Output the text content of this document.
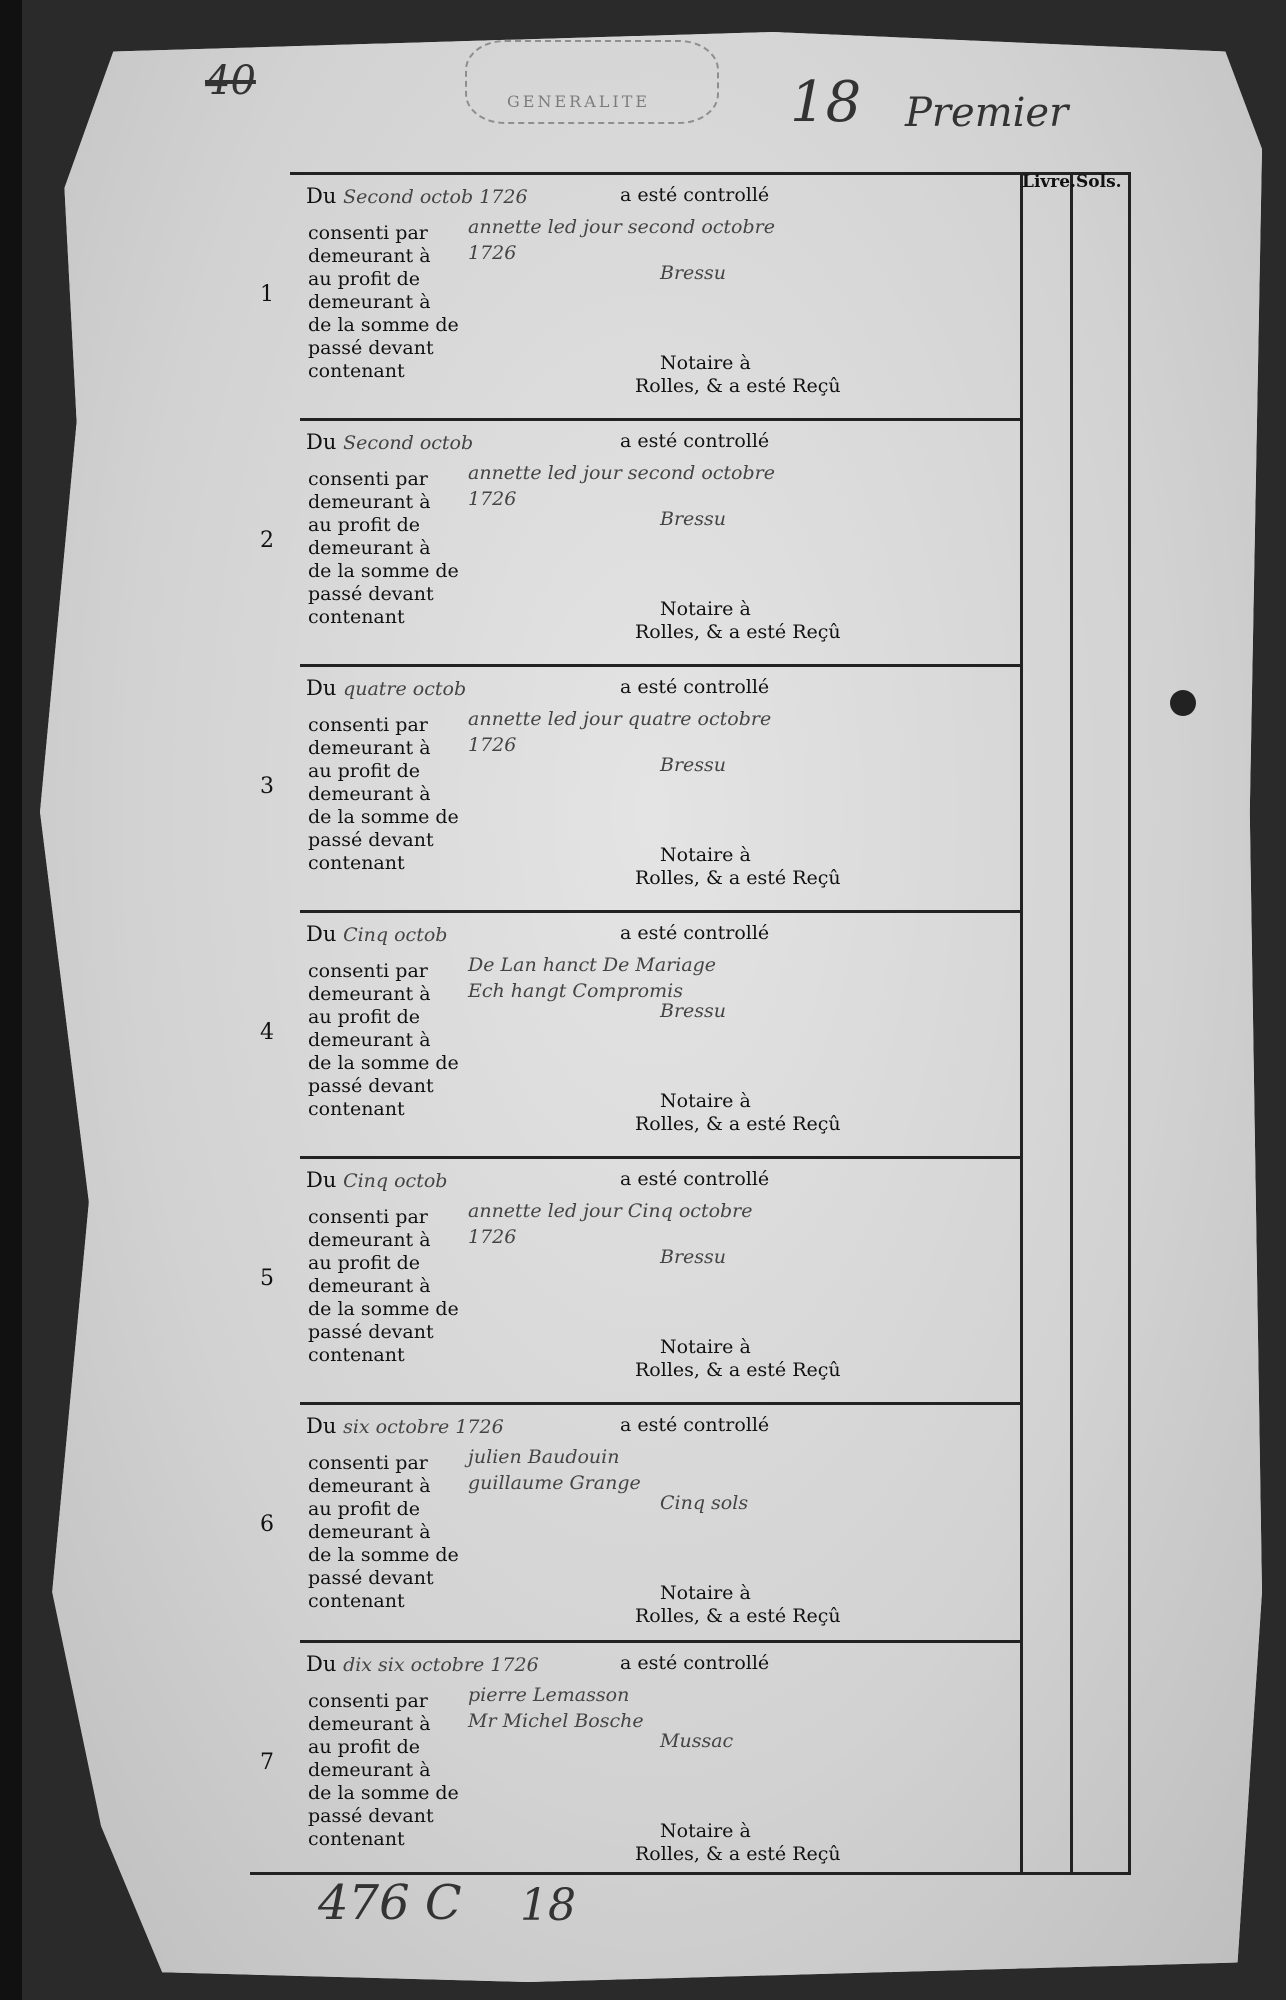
GENERALITE
40	18 Premier
Livre. Sols.
1
Du Second octob 1726	a esté controllé
consenti par
demeurant à
au profit de
demeurant à
de la somme de
passé devant
contenant
annette led jour second octobre
1726
Bressu
Notaire à
Rolles, & a esté Reçû
2
Du Second octob	a esté controllé
consenti par
demeurant à
au profit de
demeurant à
de la somme de
passé devant
contenant
annette led jour second octobre
1726
Bressu
Notaire à
Rolles, & a esté Reçû
3
Du quatre octob	a esté controllé
consenti par
demeurant à
au profit de
demeurant à
de la somme de
passé devant
contenant
annette led jour quatre octobre
1726
Bressu
Notaire à
Rolles, & a esté Reçû
4
Du Cinq octob	a esté controllé
consenti par
demeurant à
au profit de
demeurant à
de la somme de
passé devant
contenant
De Lan hanct De Mariage
Ech hangt Compromis
Bressu
Notaire à
Rolles, & a esté Reçû
5
Du Cinq octob	a esté controllé
consenti par
demeurant à
au profit de
demeurant à
de la somme de
passé devant
contenant
annette led jour Cinq octobre
1726
Bressu
Notaire à
Rolles, & a esté Reçû
6
Du six octobre 1726	a esté controllé
consenti par
demeurant à
au profit de
demeurant à
de la somme de
passé devant
contenant
julien Baudouin
guillaume Grange
Cinq sols
Notaire à
Rolles, & a esté Reçû
7
Du dix six octobre 1726	a esté controllé
consenti par
demeurant à
au profit de
demeurant à
de la somme de
passé devant
contenant
pierre Lemasson
Mr Michel Bosche
Mussac
Notaire à
Rolles, & a esté Reçû
476 C 18
